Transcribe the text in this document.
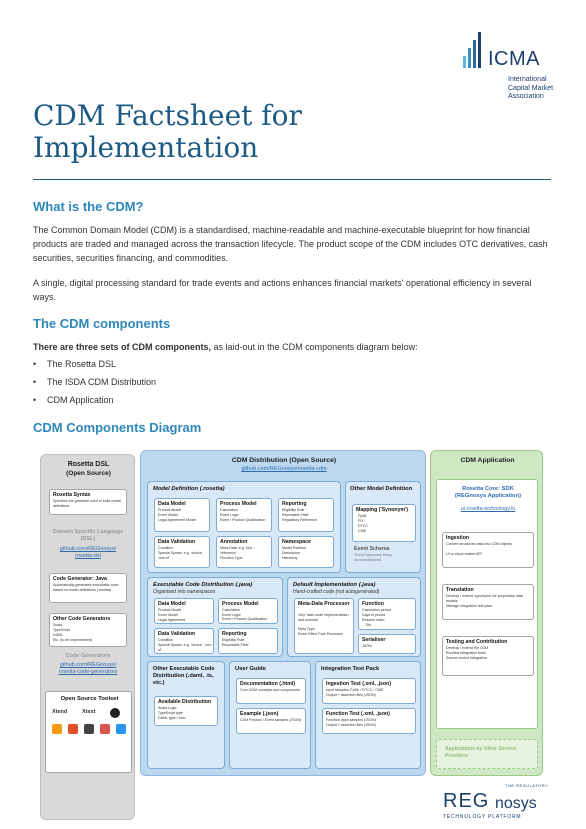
ICMA
International Capital Market Association
CDM Factsheet for Implementation
What is the CDM?

The Common Domain Model (CDM) is a standardised, machine-readable and machine-executable blueprint for how financial products are traded and managed across the transaction lifecycle. The product scope of the CDM includes OTC derivatives, cash securities, securities financing, and commodities.

A single, digital processing standard for trade events and actions enhances financial markets' operational efficiency in several ways.

The CDM components

There are three sets of CDM components, as laid-out in the CDM components diagram below:

• The Rosetta DSL
• The ISDA CDM Distribution
• CDM Application
CDM Components Diagram
Rosetta DSL
(Open Source)
Rosetta Syntax
Specifies the grammar used to build model definitions
Domain Specific Language (DSL)
github.com/REGnosys/
rosetta-dsl
Code Generator: Java
Automatically generates executable code based on model definitions (.rosetta)
Other Code Generators
Scala
TypeScript
DAML
Etc. (to be implemented)
Code Generators
github.com/REGnosys/
rosetta-code-generators
Open Source Toolset
Xtend	Xtext
CDM Distribution (Open Source)
github.com/REGnosys/rosetta-cdm
Model Definition (.rosetta)
Data Model
Product Model
Event Model
Legal Agreement Model
Process Model
Calculation
Event Logic
Event / Product Qualification
Reporting
Eligibility Rule
Reportable Field
Regulatory Reference
Data Validation
Condition
Special Syntax: e.g. 'choice', 'one-of'
Annotation
Meta-Data: e.g. 'key' / 'reference'
Function Type
Namespace
Model Partition
Description
Hierarchy
Other Model Definition
Mapping ('Synonym')
FpML
FIX
DTCC
CME
Event Schema
'Event' synonyms being decommissioned
Executable Code Distribution (.java)
Organised into namespaces
Data Model
Product Model
Event Model
Legal Agreement
Process Model
Calculation
Event Logic
Event / Product Qualification
Data Validation
Condition
Special Syntax: e.g. 'choice', 'one-of'
Reporting
Eligibility Rule
Reportable Field
Default Implementation (.java)
Hand-crafted code (not autogenerated)
Meta-Data Processor
'Key' hash code implementation and override
Meta Type
Event Effect Path Processor
Function
Calculation period
Days in period
Resolve index
... Etc.
Serialiser
JSON
Other Executable Code Distribution (.daml, .ts, etc.)
Available Distribution
Scala Logic
TypeScript type
DAML type / func
User Guide
Documentation (.html)
Core CDM concepts and components
Example (.json)
CDM Product / Event samples (JSON)
Integration Test Pack
Ingestion Test (.xml, .json)
Input samples: FpML / DTCC / CME
Output + assertion files (JSON)
Function Test (.xml, .json)
Function input samples (JSON)
Output + assertion files (JSON)
CDM Application
Rosetta Core: SDK
(REGnosys Application)
ui.rosetta-technology.io
Ingestion
Convert structured data into CDM objects
UI or cloud-hosted API
Translation
Develop / extend 'synonyms' for proprietary data models
Manage integration test pack
Testing and Contribution
Develop / extend the CDM
Run/test integration tests
Source control integration
Applications by Other Service Providers
THE REGULATORY
REG nosys
TECHNOLOGY PLATFORM
